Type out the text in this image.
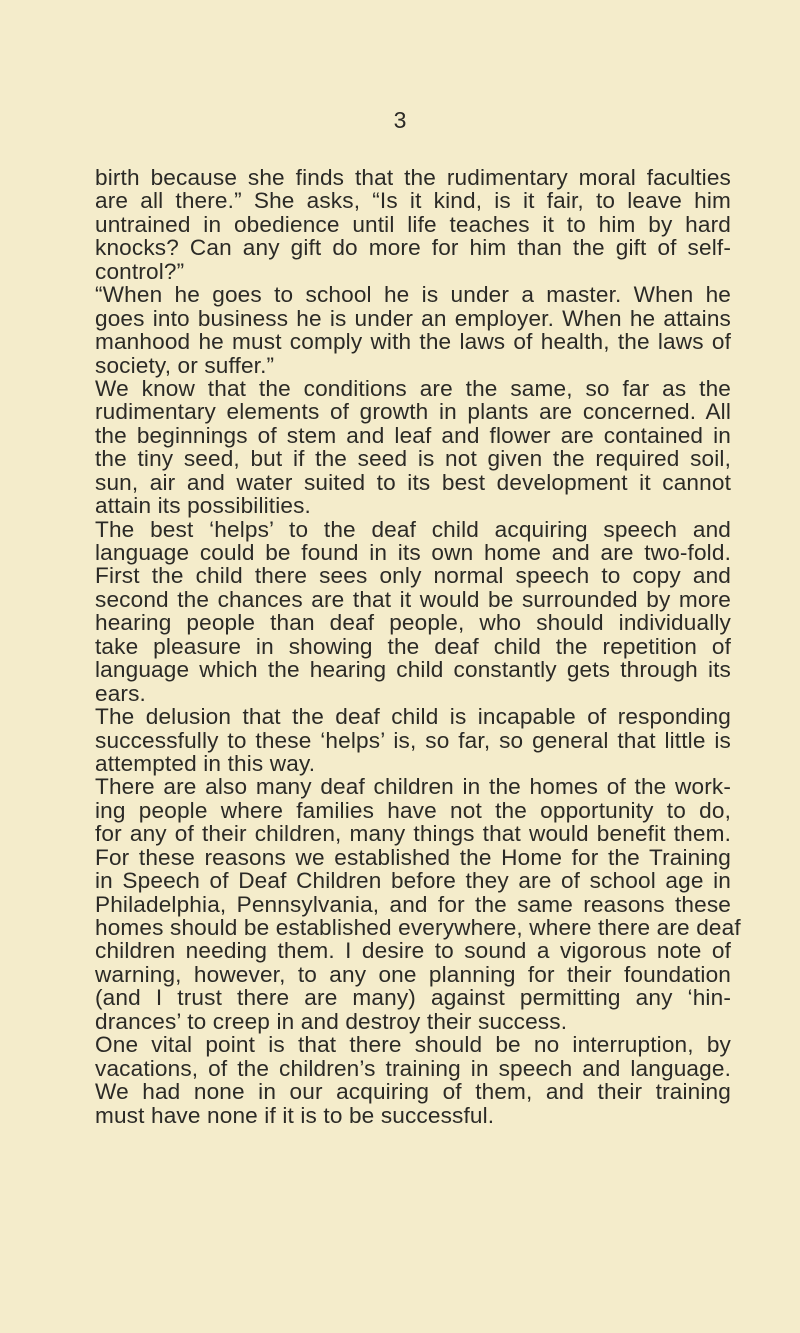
3
birth because she finds that the rudimentary moral faculties
are all there.” She asks, “Is it kind, is it fair, to leave him
untrained in obedience until life teaches it to him by hard
knocks? Can any gift do more for him than the gift of self-
control?”
“When he goes to school he is under a master. When he
goes into business he is under an employer. When he attains
manhood he must comply with the laws of health, the laws of
society, or suffer.”
We know that the conditions are the same, so far as the
rudimentary elements of growth in plants are concerned. All
the beginnings of stem and leaf and flower are contained in
the tiny seed, but if the seed is not given the required soil,
sun, air and water suited to its best development it cannot
attain its possibilities.
The best ‘helps’ to the deaf child acquiring speech and
language could be found in its own home and are two-fold.
First the child there sees only normal speech to copy and
second the chances are that it would be surrounded by more
hearing people than deaf people, who should individually
take pleasure in showing the deaf child the repetition of
language which the hearing child constantly gets through its
ears.
The delusion that the deaf child is incapable of responding
successfully to these ‘helps’ is, so far, so general that little is
attempted in this way.
There are also many deaf children in the homes of the work-
ing people where families have not the opportunity to do,
for any of their children, many things that would benefit them.
For these reasons we established the Home for the Training
in Speech of Deaf Children before they are of school age in
Philadelphia, Pennsylvania, and for the same reasons these
homes should be established everywhere, where there are deaf
children needing them. I desire to sound a vigorous note of
warning, however, to any one planning for their foundation
(and I trust there are many) against permitting any ‘hin-
drances’ to creep in and destroy their success.
One vital point is that there should be no interruption, by
vacations, of the children’s training in speech and language.
We had none in our acquiring of them, and their training
must have none if it is to be successful.
